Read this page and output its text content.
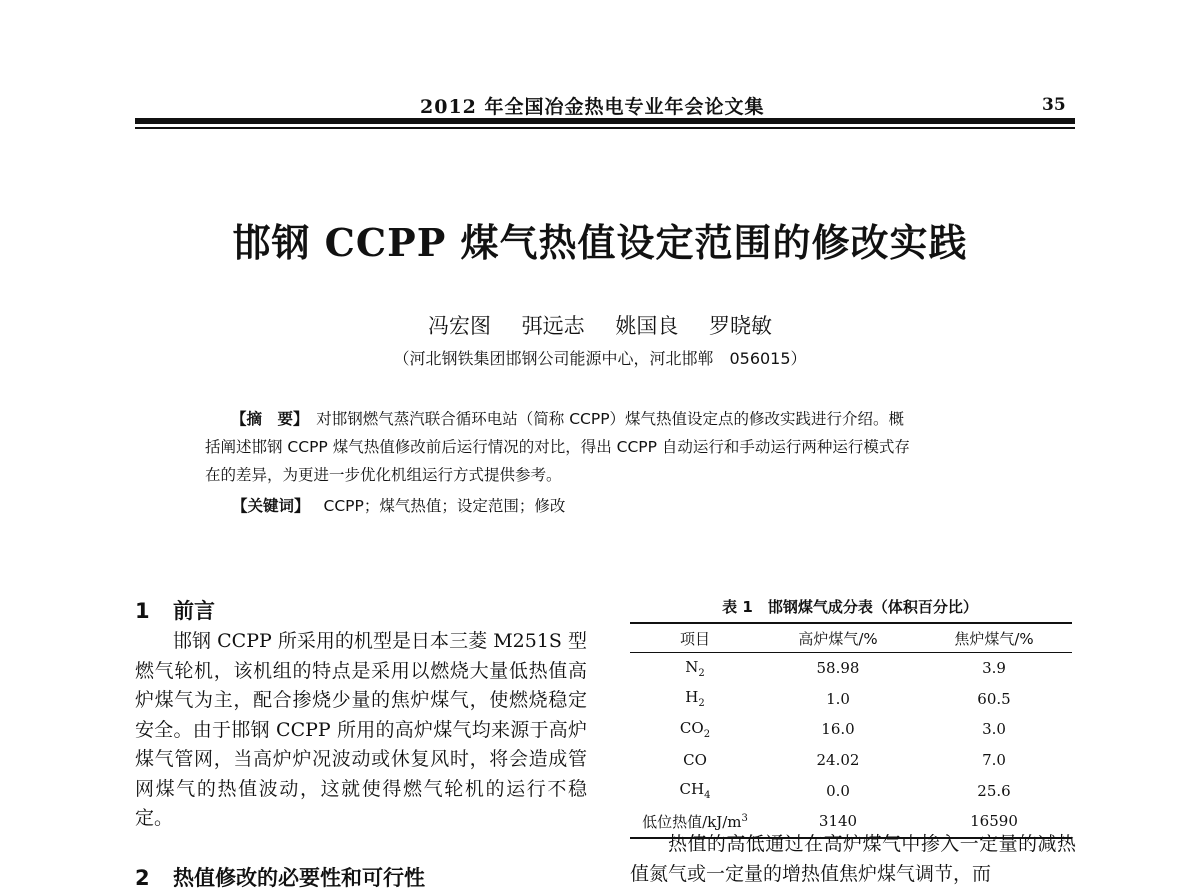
2012 年全国冶金热电专业年会论文集	35
邯钢 CCPP 煤气热值设定范围的修改实践
冯宏图 弭远志 姚国良 罗晓敏
（河北钢铁集团邯钢公司能源中心，河北邯郸　056015）

【摘　要】　 对邯钢燃气蒸汽联合循环电站（简称 CCPP）煤气热值设定点的修改实践进行介绍。概

括阐述邯钢 CCPP 煤气热值修改前后运行情况的对比，得出 CCPP 自动运行和手动运行两种运行模式存

在的差异，为更进一步优化机组运行方式提供参考。

【关键词】 CCPP；煤气热值；设定范围；修改
1 前言

邯钢 CCPP 所采用的机型是日本三菱 M251S 型燃气轮机，该机组的特点是采用以燃烧大量低热值高炉煤气为主，配合掺烧少量的焦炉煤气，使燃烧稳定安全。由于邯钢 CCPP 所用的高炉煤气均来源于高炉煤气管网，当高炉炉况波动或休复风时，将会造成管网煤气的热值波动，这就使得燃气轮机的运行不稳定。

2 热值修改的必要性和可行性
表 1　邯钢煤气成分表（体积百分比）
项目	高炉煤气/%	焦炉煤气/%
$N_2$	58.98	3.9
$H_2$	1.0	60.5
$CO_2$	16.0	3.0
CO	24.02	7.0
$CH_4$	0.0	25.6
低位热值$/kJ/m^3$	3140	16590

热值的高低通过在高炉煤气中掺入一定量的减热值氮气或一定量的增热值焦炉煤气调节，而
